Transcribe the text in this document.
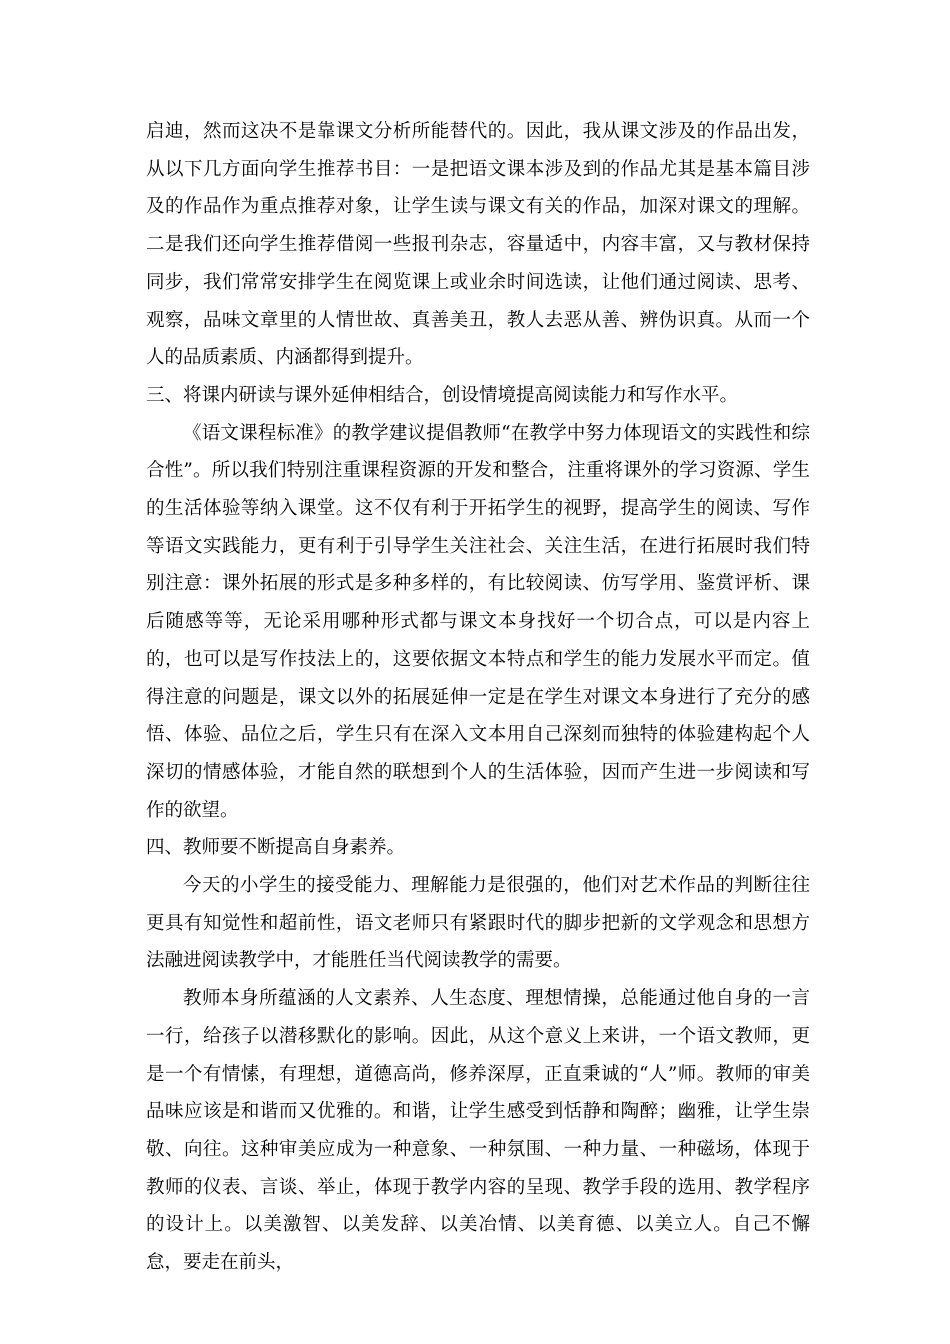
启迪，然而这决不是靠课文分析所能替代的。因此，我从课文涉及的作品出发，从以下几方面向学生推荐书目：一是把语文课本涉及到的作品尤其是基本篇目涉及的作品作为重点推荐对象，让学生读与课文有关的作品，加深对课文的理解。二是我们还向学生推荐借阅一些报刊杂志，容量适中，内容丰富，又与教材保持同步，我们常常安排学生在阅览课上或业余时间选读，让他们通过阅读、思考、观察，品味文章里的人情世故、真善美丑，教人去恶从善、辨伪识真。从而一个人的品质素质、内涵都得到提升。

三、将课内研读与课外延伸相结合，创设情境提高阅读能力和写作水平。

《语文课程标准》的教学建议提倡教师“在教学中努力体现语文的实践性和综合性”。所以我们特别注重课程资源的开发和整合，注重将课外的学习资源、学生的生活体验等纳入课堂。这不仅有利于开拓学生的视野，提高学生的阅读、写作等语文实践能力，更有利于引导学生关注社会、关注生活，在进行拓展时我们特别注意：课外拓展的形式是多种多样的，有比较阅读、仿写学用、鉴赏评析、课后随感等等，无论采用哪种形式都与课文本身找好一个切合点，可以是内容上的，也可以是写作技法上的，这要依据文本特点和学生的能力发展水平而定。值得注意的问题是，课文以外的拓展延伸一定是在学生对课文本身进行了充分的感悟、体验、品位之后，学生只有在深入文本用自己深刻而独特的体验建构起个人深切的情感体验，才能自然的联想到个人的生活体验，因而产生进一步阅读和写作的欲望。

四、教师要不断提高自身素养。

今天的小学生的接受能力、理解能力是很强的，他们对艺术作品的判断往往更具有知觉性和超前性，语文老师只有紧跟时代的脚步把新的文学观念和思想方法融进阅读教学中，才能胜任当代阅读教学的需要。

教师本身所蕴涵的人文素养、人生态度、理想情操，总能通过他自身的一言一行，给孩子以潜移默化的影响。因此，从这个意义上来讲，一个语文教师，更是一个有情愫，有理想，道德高尚，修养深厚，正直秉诚的“人”师。教师的审美品味应该是和谐而又优雅的。和谐，让学生感受到恬静和陶醉；幽雅，让学生崇敬、向往。这种审美应成为一种意象、一种氛围、一种力量、一种磁场，体现于教师的仪表、言谈、举止，体现于教学内容的呈现、教学手段的选用、教学程序的设计上。以美激智、以美发辞、以美冶情、以美育德、以美立人。自己不懈怠，要走在前头，
